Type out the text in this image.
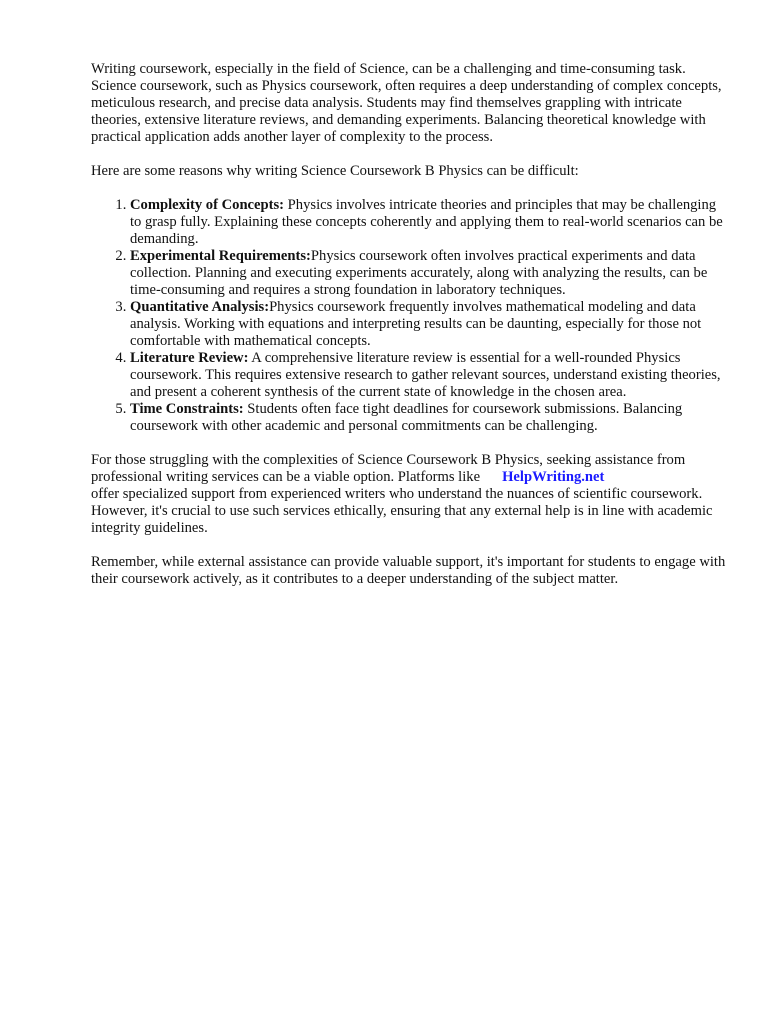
Writing coursework, especially in the field of Science, can be a challenging and time-consuming task. Science coursework, such as Physics coursework, often requires a deep understanding of complex concepts, meticulous research, and precise data analysis. Students may find themselves grappling with intricate theories, extensive literature reviews, and demanding experiments. Balancing theoretical knowledge with practical application adds another layer of complexity to the process.

Here are some reasons why writing Science Coursework B Physics can be difficult:

1. Complexity of Concepts: Physics involves intricate theories and principles that may be challenging to grasp fully. Explaining these concepts coherently and applying them to real-world scenarios can be demanding.
2. Experimental Requirements:Physics coursework often involves practical experiments and data collection. Planning and executing experiments accurately, along with analyzing the results, can be time-consuming and requires a strong foundation in laboratory techniques.
3. Quantitative Analysis:Physics coursework frequently involves mathematical modeling and data analysis. Working with equations and interpreting results can be daunting, especially for those not comfortable with mathematical concepts.
4. Literature Review: A comprehensive literature review is essential for a well-rounded Physics coursework. This requires extensive research to gather relevant sources, understand existing theories, and present a coherent synthesis of the current state of knowledge in the chosen area.
5. Time Constraints: Students often face tight deadlines for coursework submissions. Balancing coursework with other academic and personal commitments can be challenging.

For those struggling with the complexities of Science Coursework B Physics, seeking assistance from professional writing services can be a viable option. Platforms like HelpWriting.net
offer specialized support from experienced writers who understand the nuances of scientific coursework. However, it's crucial to use such services ethically, ensuring that any external help is in line with academic integrity guidelines.

Remember, while external assistance can provide valuable support, it's important for students to engage with their coursework actively, as it contributes to a deeper understanding of the subject matter.
